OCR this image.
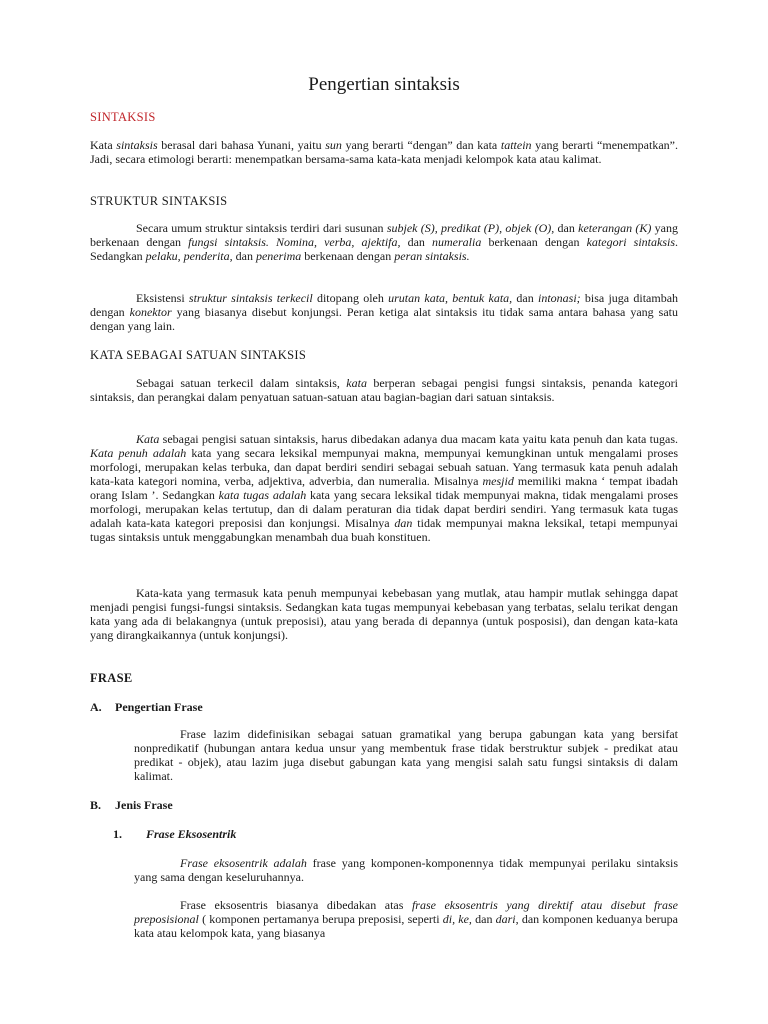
Pengertian sintaksis
SINTAKSIS

Kata sintaksis berasal dari bahasa Yunani, yaitu sun yang berarti “dengan” dan kata tattein yang berarti “menempatkan”. Jadi, secara etimologi berarti: menempatkan bersama-sama kata-kata menjadi kelompok kata atau kalimat.

STRUKTUR SINTAKSIS

Secara umum struktur sintaksis terdiri dari susunan subjek (S), predikat (P), objek (O), dan keterangan (K) yang berkenaan dengan fungsi sintaksis. Nomina, verba, ajektifa, dan numeralia berkenaan dengan kategori sintaksis. Sedangkan pelaku, penderita, dan penerima berkenaan dengan peran sintaksis.

Eksistensi struktur sintaksis terkecil ditopang oleh urutan kata, bentuk kata, dan intonasi; bisa juga ditambah dengan konektor yang biasanya disebut konjungsi. Peran ketiga alat sintaksis itu tidak sama antara bahasa yang satu dengan yang lain.

KATA SEBAGAI SATUAN SINTAKSIS

Sebagai satuan terkecil dalam sintaksis, kata berperan sebagai pengisi fungsi sintaksis, penanda kategori sintaksis, dan perangkai dalam penyatuan satuan-satuan atau bagian-bagian dari satuan sintaksis.

Kata sebagai pengisi satuan sintaksis, harus dibedakan adanya dua macam kata yaitu kata penuh dan kata tugas. Kata penuh adalah kata yang secara leksikal mempunyai makna, mempunyai kemungkinan untuk mengalami proses morfologi, merupakan kelas terbuka, dan dapat berdiri sendiri sebagai sebuah satuan. Yang termasuk kata penuh adalah kata-kata kategori nomina, verba, adjektiva, adverbia, dan numeralia. Misalnya mesjid memiliki makna ‘ tempat ibadah orang Islam ’. Sedangkan kata tugas adalah kata yang secara leksikal tidak mempunyai makna, tidak mengalami proses morfologi, merupakan kelas tertutup, dan di dalam peraturan dia tidak dapat berdiri sendiri. Yang termasuk kata tugas adalah kata-kata kategori preposisi dan konjungsi. Misalnya dan tidak mempunyai makna leksikal, tetapi mempunyai tugas sintaksis untuk menggabungkan menambah dua buah konstituen.

Kata-kata yang termasuk kata penuh mempunyai kebebasan yang mutlak, atau hampir mutlak sehingga dapat menjadi pengisi fungsi-fungsi sintaksis. Sedangkan kata tugas mempunyai kebebasan yang terbatas, selalu terikat dengan kata yang ada di belakangnya (untuk preposisi), atau yang berada di depannya (untuk posposisi), dan dengan kata-kata yang dirangkaikannya (untuk konjungsi).

FRASE
A. Pengertian Frase

Frase lazim didefinisikan sebagai satuan gramatikal yang berupa gabungan kata yang bersifat nonpredikatif (hubungan antara kedua unsur yang membentuk frase tidak berstruktur subjek - predikat atau predikat - objek), atau lazim juga disebut gabungan kata yang mengisi salah satu fungsi sintaksis di dalam kalimat.

B. Jenis Frase
1. Frase Eksosentrik

Frase eksosentrik adalah frase yang komponen-komponennya tidak mempunyai perilaku sintaksis yang sama dengan keseluruhannya.

Frase eksosentris biasanya dibedakan atas frase eksosentris yang direktif atau disebut frase preposisional ( komponen pertamanya berupa preposisi, seperti di, ke, dan dari, dan komponen keduanya berupa kata atau kelompok kata, yang biasanya
